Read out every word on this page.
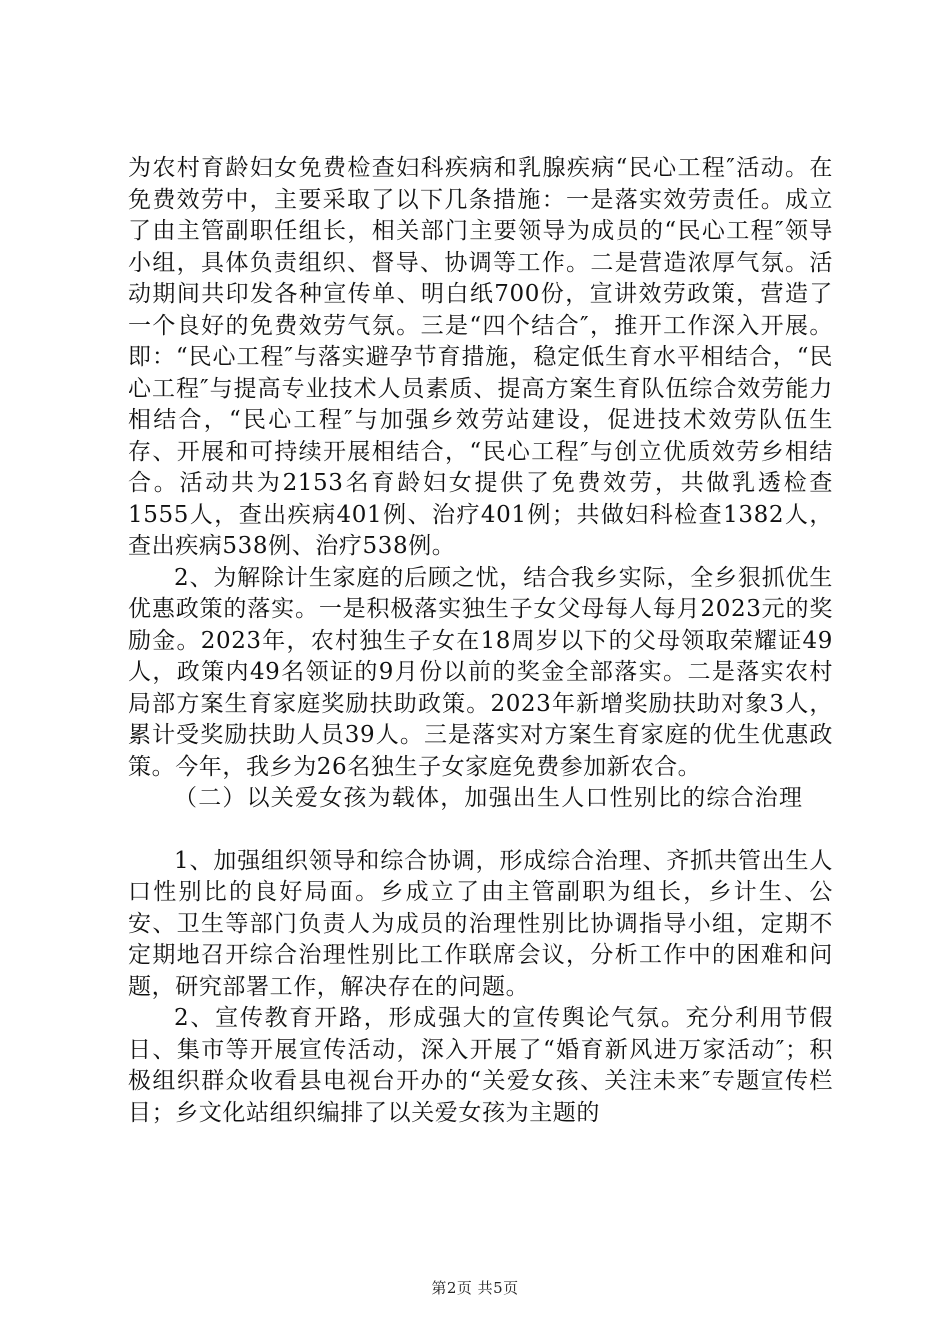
为农村育龄妇女免费检查妇科疾病和乳腺疾病“民心工程″活动。在免费效劳中，主要采取了以下几条措施：一是落实效劳责任。成立了由主管副职任组长，相关部门主要领导为成员的“民心工程″领导小组，具体负责组织、督导、协调等工作。二是营造浓厚气氛。活动期间共印发各种宣传单、明白纸700份，宣讲效劳政策，营造了一个良好的免费效劳气氛。三是“四个结合″，推开工作深入开展。即：“民心工程″与落实避孕节育措施，稳定低生育水平相结合，“民心工程″与提高专业技术人员素质、提高方案生育队伍综合效劳能力相结合，“民心工程″与加强乡效劳站建设，促进技术效劳队伍生存、开展和可持续开展相结合，“民心工程″与创立优质效劳乡相结合。活动共为2153名育龄妇女提供了免费效劳，共做乳透检查1555人，查出疾病401例、治疗401例；共做妇科检查1382人，查出疾病538例、治疗538例。

2、为解除计生家庭的后顾之忧，结合我乡实际，全乡狠抓优生优惠政策的落实。一是积极落实独生子女父母每人每月2023元的奖励金。2023年，农村独生子女在18周岁以下的父母领取荣耀证49人，政策内49名领证的9月份以前的奖金全部落实。二是落实农村局部方案生育家庭奖励扶助政策。2023年新增奖励扶助对象3人，累计受奖励扶助人员39人。三是落实对方案生育家庭的优生优惠政策。今年，我乡为26名独生子女家庭免费参加新农合。

（二）以关爱女孩为载体，加强出生人口性别比的综合治理

1、加强组织领导和综合协调，形成综合治理、齐抓共管出生人口性别比的良好局面。乡成立了由主管副职为组长，乡计生、公安、卫生等部门负责人为成员的治理性别比协调指导小组，定期不定期地召开综合治理性别比工作联席会议，分析工作中的困难和问题，研究部署工作，解决存在的问题。

2、宣传教育开路，形成强大的宣传舆论气氛。充分利用节假日、集市等开展宣传活动，深入开展了“婚育新风进万家活动″；积极组织群众收看县电视台开办的“关爱女孩、关注未来″专题宣传栏目；乡文化站组织编排了以关爱女孩为主题的

第2页 共5页
